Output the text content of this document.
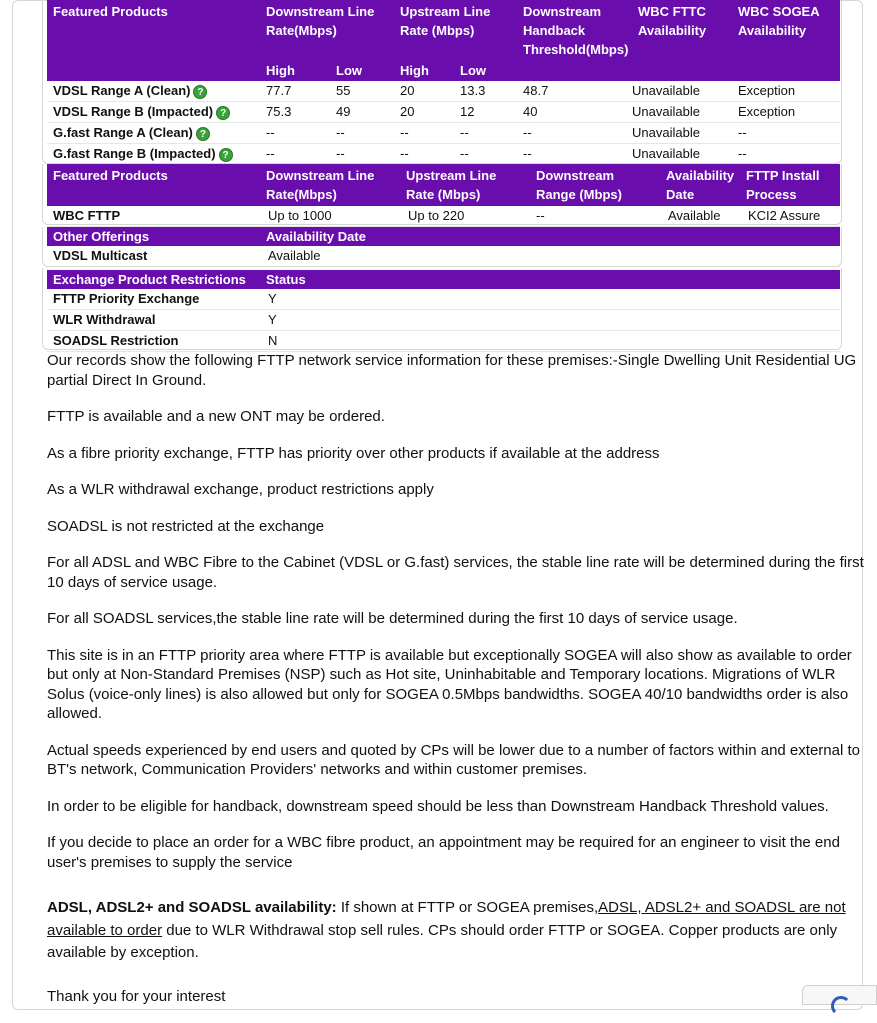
Featured Products	Downstream Line Rate(Mbps)		Upstream Line Rate (Mbps)		Downstream Handback Threshold(Mbps)	WBC FTTC Availability	WBC SOGEA Availability
	High	Low	High	Low			
VDSL Range A (Clean) ?	77.7	55	20	13.3	48.7	Unavailable	Exception
VDSL Range B (Impacted) ?	75.3	49	20	12	40	Unavailable	Exception
G.fast Range A (Clean) ?	--	--	--	--	--	Unavailable	--
G.fast Range B (Impacted) ?	--	--	--	--	--	Unavailable	--
Featured Products	Downstream Line Rate(Mbps)	Upstream Line Rate (Mbps)	Downstream Range (Mbps)	Availability Date	FTTP Install Process
WBC FTTP	Up to 1000	Up to 220	--	Available	KCI2 Assure
Other Offerings	Availability Date
VDSL Multicast	Available
Exchange Product Restrictions	Status
FTTP Priority Exchange	Y
WLR Withdrawal	Y
SOADSL Restriction	N

Our records show the following FTTP network service information for these premises:-Single Dwelling Unit Residential UG partial Direct In Ground.

FTTP is available and a new ONT may be ordered.

As a fibre priority exchange, FTTP has priority over other products if available at the address

As a WLR withdrawal exchange, product restrictions apply

SOADSL is not restricted at the exchange

For all ADSL and WBC Fibre to the Cabinet (VDSL or G.fast) services, the stable line rate will be determined during the first 10 days of service usage.

For all SOADSL services,the stable line rate will be determined during the first 10 days of service usage.

This site is in an FTTP priority area where FTTP is available but exceptionally SOGEA will also show as available to order but only at Non-Standard Premises (NSP) such as Hot site, Uninhabitable and Temporary locations. Migrations of WLR Solus (voice-only lines) is also allowed but only for SOGEA 0.5Mbps bandwidths. SOGEA 40/10 bandwidths order is also allowed.

Actual speeds experienced by end users and quoted by CPs will be lower due to a number of factors within and external to BT's network, Communication Providers' networks and within customer premises.

In order to be eligible for handback, downstream speed should be less than Downstream Handback Threshold values.

If you decide to place an order for a WBC fibre product, an appointment may be required for an engineer to visit the end user's premises to supply the service

ADSL, ADSL2+ and SOADSL availability: If shown at FTTP or SOGEA premises,ADSL, ADSL2+ and SOADSL are not available to order due to WLR Withdrawal stop sell rules. CPs should order FTTP or SOGEA. Copper products are only available by exception.

Thank you for your interest
